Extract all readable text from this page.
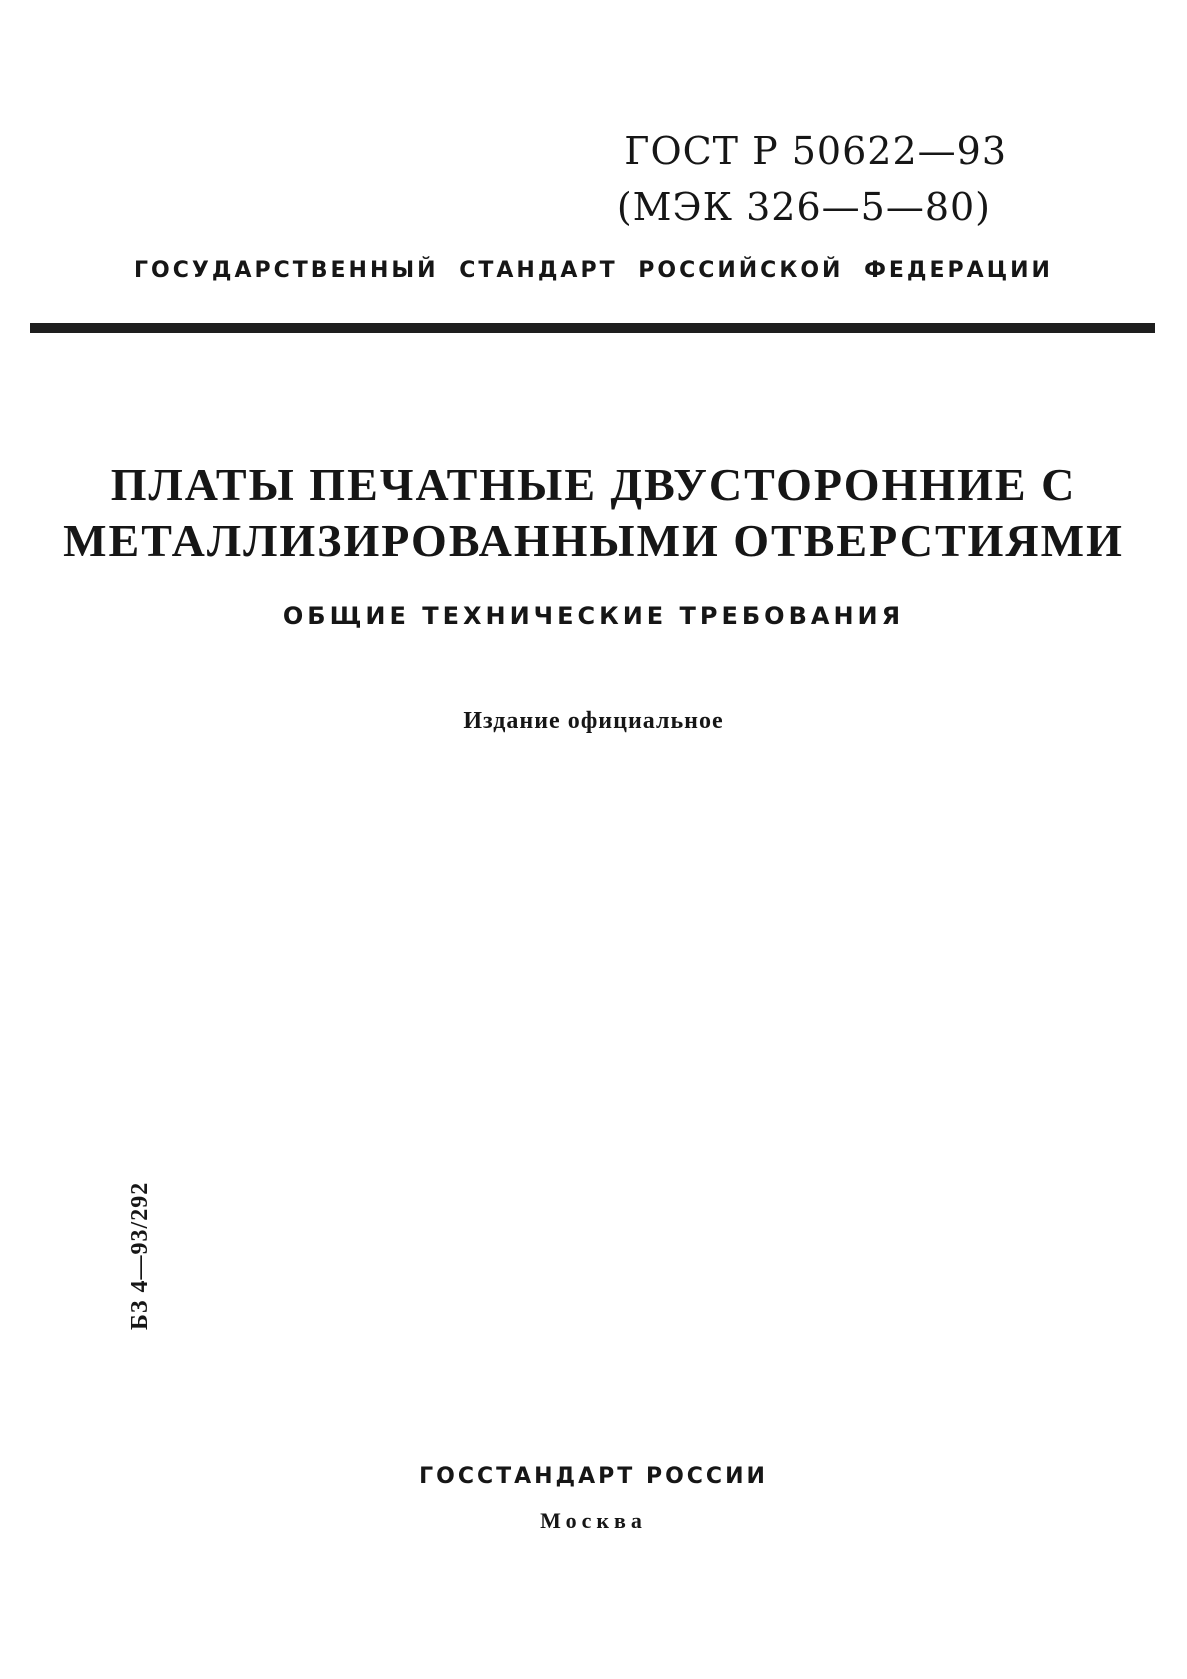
ГОСТ Р 50622—93
(МЭК 326—5—80)
ГОСУДАРСТВЕННЫЙ СТАНДАРТ РОССИЙСКОЙ ФЕДЕРАЦИИ
ПЛАТЫ ПЕЧАТНЫЕ ДВУСТОРОННИЕ С
МЕТАЛЛИЗИРОВАННЫМИ ОТВЕРСТИЯМИ
ОБЩИЕ ТЕХНИЧЕСКИЕ ТРЕБОВАНИЯ
Издание официальное
БЗ 4—93/292
ГОССТАНДАРТ РОССИИ
Москва
